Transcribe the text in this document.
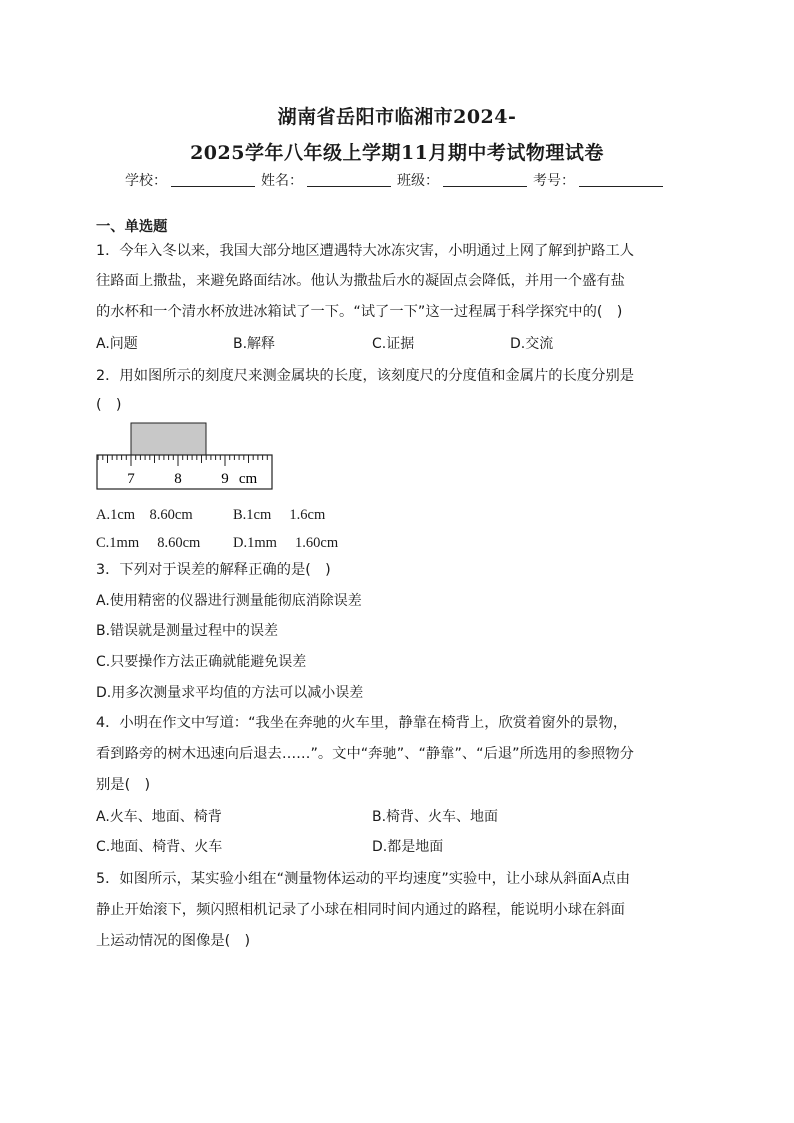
湖南省岳阳市临湘市2024-
2025学年八年级上学期11月期中考试物理试卷
学校：	姓名：	班级：	考号：
一、单选题
1．今年入冬以来，我国大部分地区遭遇特大冰冻灾害，小明通过上网了解到护路工人
往路面上撒盐，来避免路面结冰。他认为撒盐后水的凝固点会降低，并用一个盛有盐
的水杯和一个清水杯放进冰箱试了一下。“试了一下”这一过程属于科学探究中的(　)
A.问题	B.解释	C.证据	D.交流
2．用如图所示的刻度尺来测金属块的长度，该刻度尺的分度值和金属片的长度分别是
(　)
7	8	9 cm
A.1cm　8.60cm	B.1cm　 1.6cm
C.1mm　 8.60cm D.1mm　 1.60cm
3．下列对于误差的解释正确的是(　)
A.使用精密的仪器进行测量能彻底消除误差
B.错误就是测量过程中的误差
C.只要操作方法正确就能避免误差
D.用多次测量求平均值的方法可以减小误差
4．小明在作文中写道：“我坐在奔驰的火车里，静靠在椅背上，欣赏着窗外的景物，
看到路旁的树木迅速向后退去……”。文中“奔驰”、“静靠”、“后退”所选用的参照物分
别是(　)
A.火车、地面、椅背	B.椅背、火车、地面
C.地面、椅背、火车	D.都是地面
5．如图所示，某实验小组在“测量物体运动的平均速度”实验中，让小球从斜面A点由
静止开始滚下，频闪照相机记录了小球在相同时间内通过的路程，能说明小球在斜面
上运动情况的图像是(　)
